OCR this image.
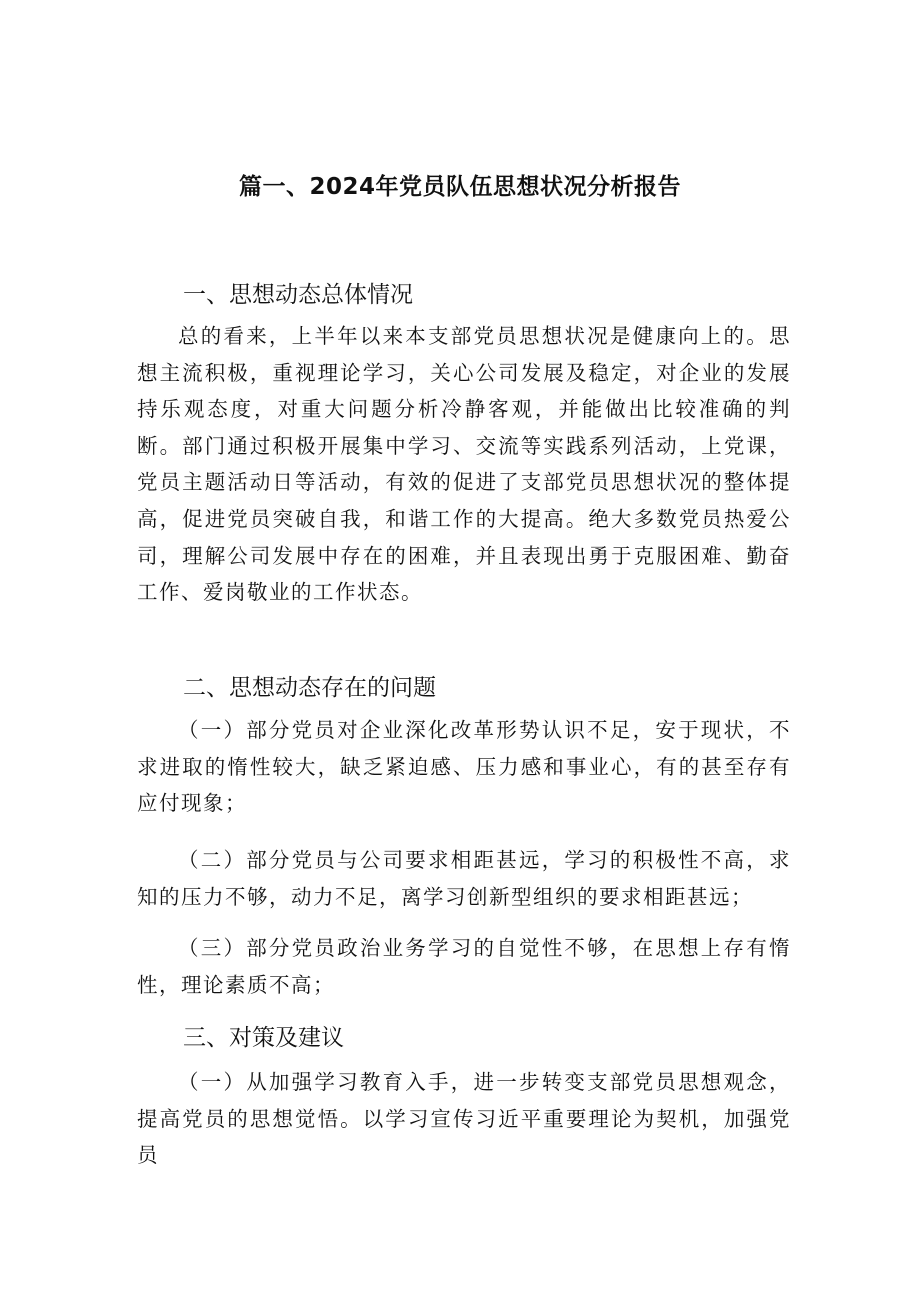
篇一、2024年党员队伍思想状况分析报告
一、思想动态总体情况

总的看来，上半年以来本支部党员思想状况是健康向上的。思想主流积极，重视理论学习，关心公司发展及稳定，对企业的发展持乐观态度，对重大问题分析冷静客观，并能做出比较准确的判断。部门通过积极开展集中学习、交流等实践系列活动，上党课，党员主题活动日等活动，有效的促进了支部党员思想状况的整体提高，促进党员突破自我，和谐工作的大提高。绝大多数党员热爱公司，理解公司发展中存在的困难，并且表现出勇于克服困难、勤奋工作、爱岗敬业的工作状态。

二、思想动态存在的问题

（一）部分党员对企业深化改革形势认识不足，安于现状，不求进取的惰性较大，缺乏紧迫感、压力感和事业心，有的甚至存有应付现象；

（二）部分党员与公司要求相距甚远，学习的积极性不高，求知的压力不够，动力不足，离学习创新型组织的要求相距甚远；

（三）部分党员政治业务学习的自觉性不够，在思想上存有惰性，理论素质不高；

三、对策及建议

（一）从加强学习教育入手，进一步转变支部党员思想观念，提高党员的思想觉悟。以学习宣传习近平重要理论为契机，加强党员
